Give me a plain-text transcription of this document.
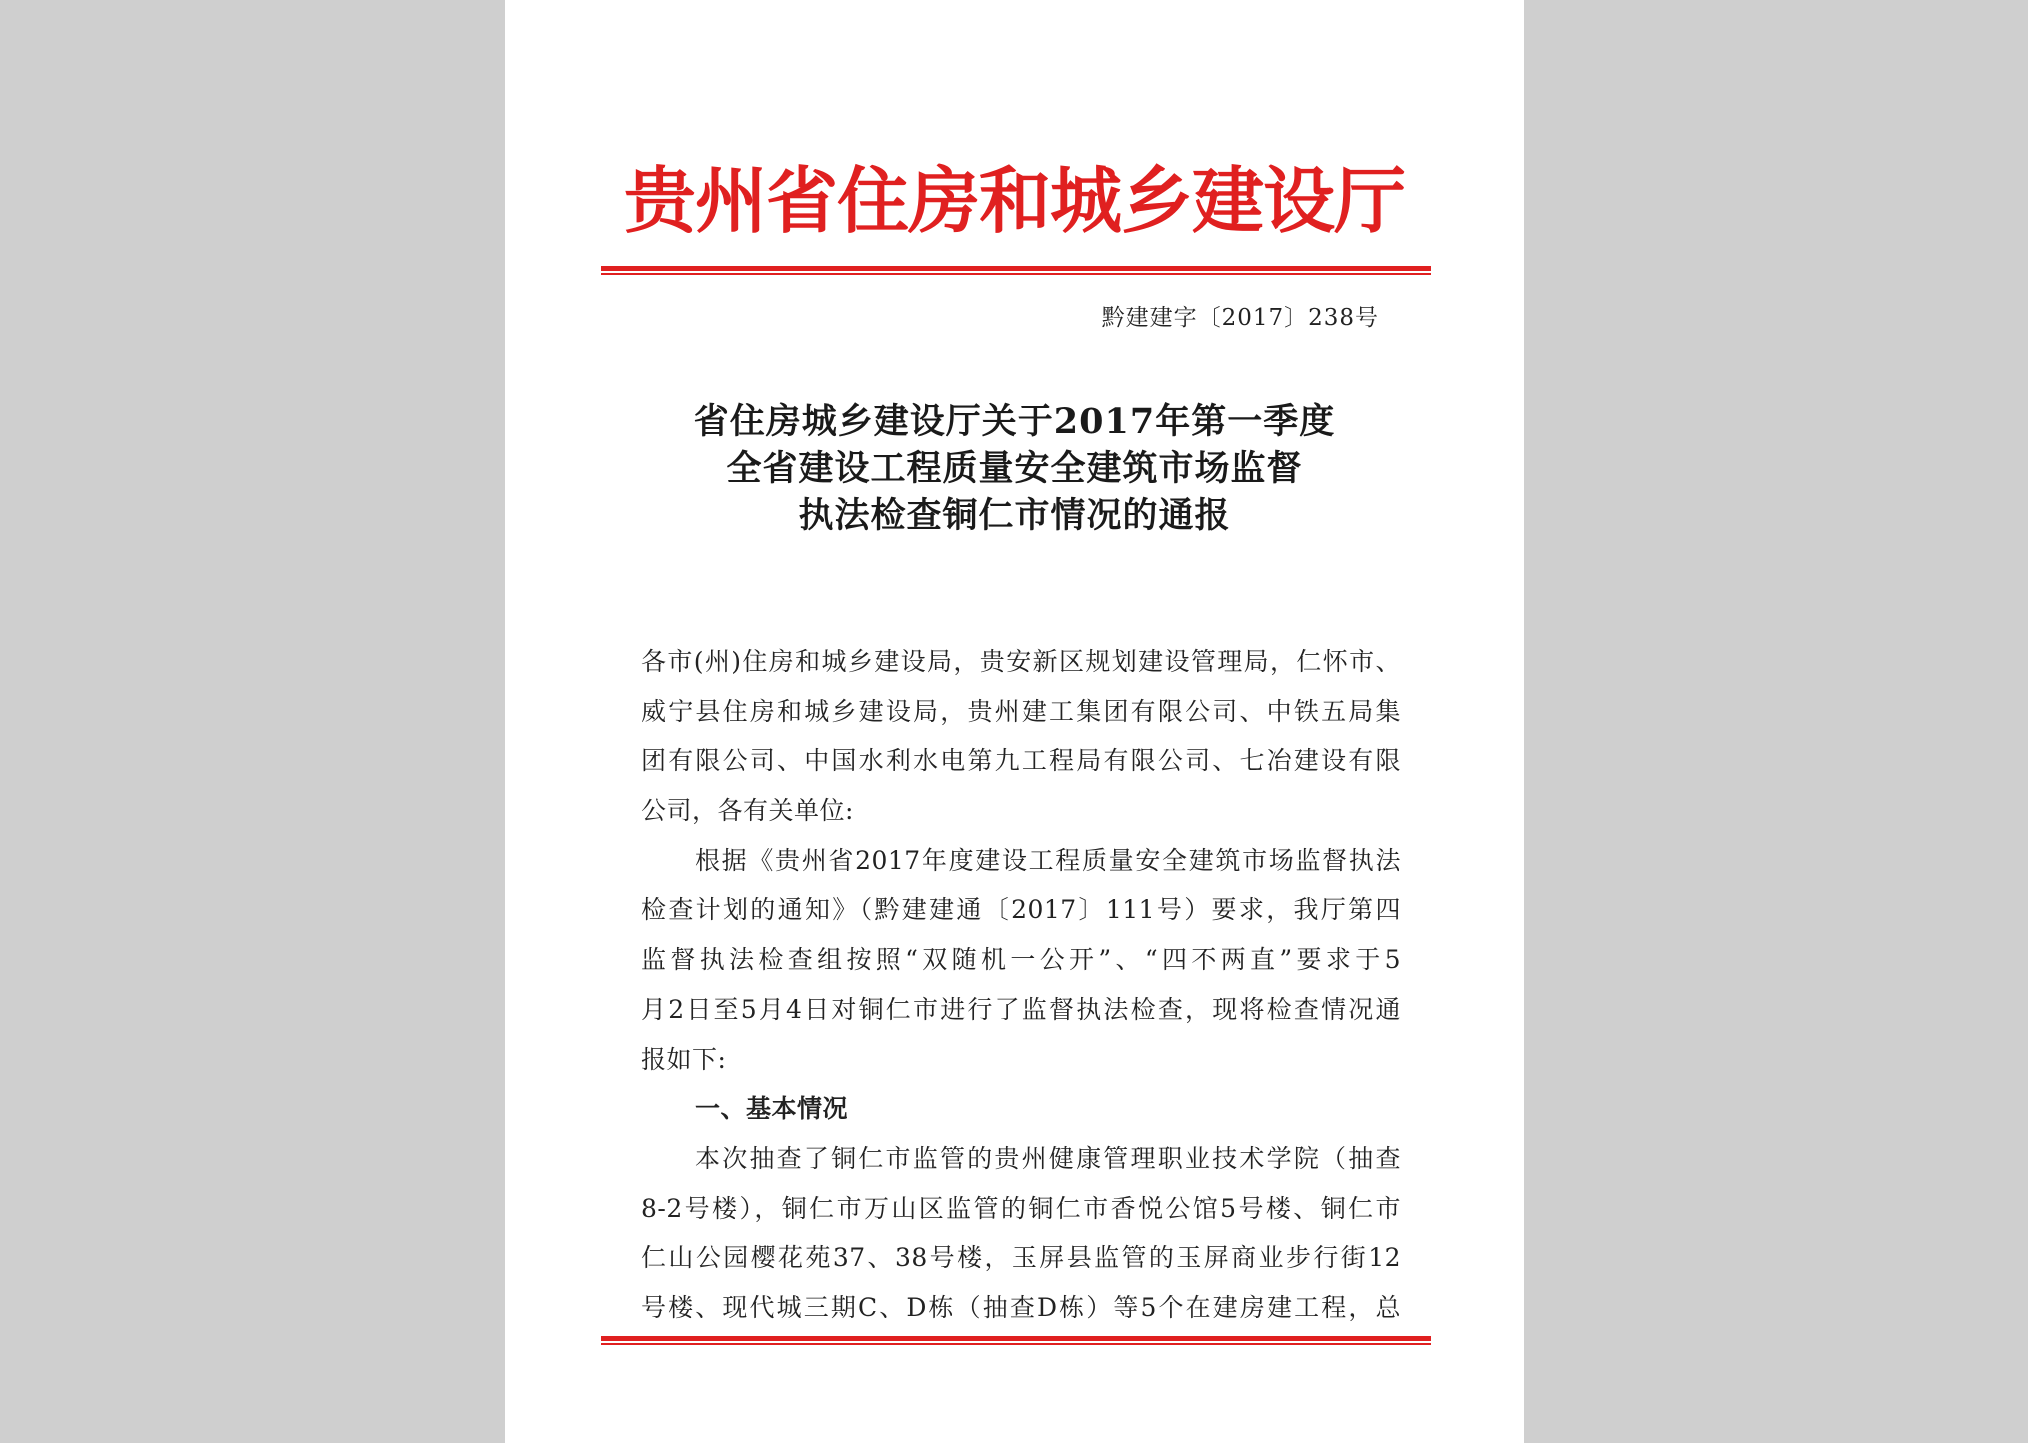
贵州省住房和城乡建设厅
黔建建字〔2017〕238号
省住房城乡建设厅关于2017年第一季度
全省建设工程质量安全建筑市场监督
执法检查铜仁市情况的通报
各市(州)住房和城乡建设局，贵安新区规划建设管理局，仁怀市、
威宁县住房和城乡建设局，贵州建工集团有限公司、中铁五局集
团有限公司、中国水利水电第九工程局有限公司、七冶建设有限
公司，各有关单位:
根据《贵州省2017年度建设工程质量安全建筑市场监督执法
检查计划的通知》（黔建建通〔2017〕111号）要求，我厅第四
监督执法检查组按照“双随机一公开”、“四不两直”要求于5
月2日至5月4日对铜仁市进行了监督执法检查，现将检查情况通
报如下:
一、基本情况
本次抽查了铜仁市监管的贵州健康管理职业技术学院（抽查
8-2号楼），铜仁市万山区监管的铜仁市香悦公馆5号楼、铜仁市
仁山公园樱花苑37、38号楼，玉屏县监管的玉屏商业步行街12
号楼、现代城三期C、D栋（抽查D栋）等5个在建房建工程，总
